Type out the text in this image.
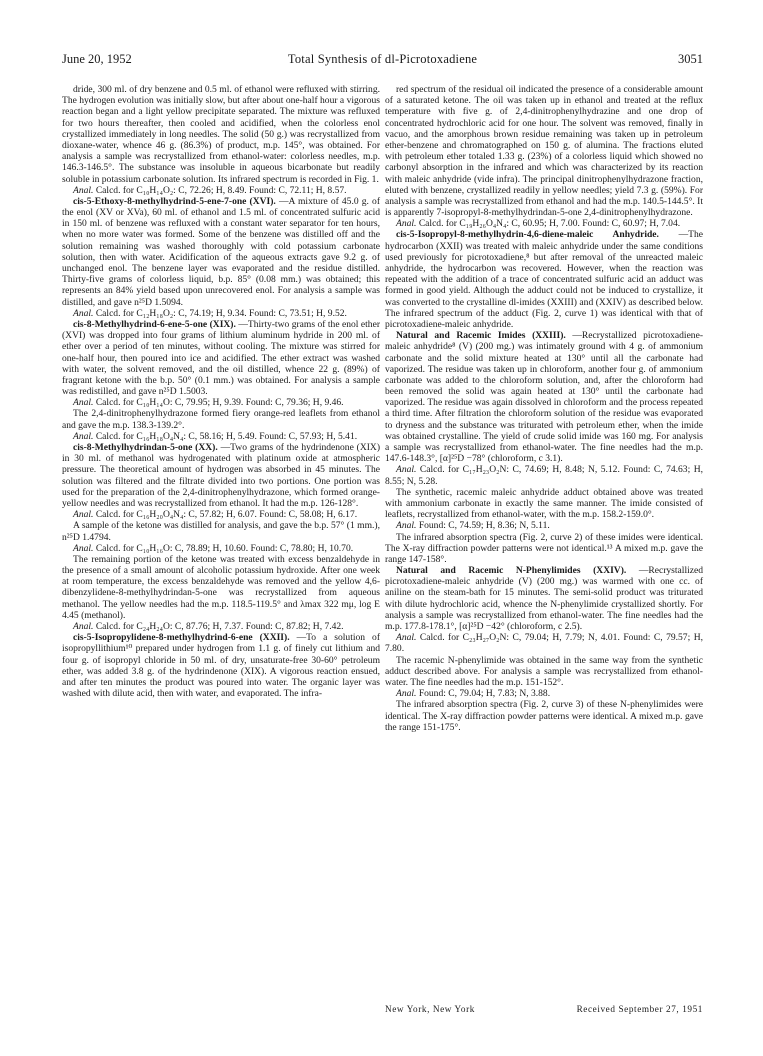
June 20, 1952	Total Synthesis of dl-Picrotoxadiene	3051

dride, 300 ml. of dry benzene and 0.5 ml. of ethanol were refluxed with stirring. The hydrogen evolution was initially slow, but after about one-half hour a vigorous reaction began and a light yellow precipitate separated. The mixture was refluxed for two hours thereafter, then cooled and acidified, when the colorless enol crystallized immediately in long needles. The solid (50 g.) was recrystallized from dioxane-water, whence 46 g. (86.3%) of product, m.p. 145°, was obtained. For analysis a sample was recrystallized from ethanol-water: colorless needles, m.p. 146.3-146.5°. The substance was insoluble in aqueous bicarbonate but readily soluble in potassium carbonate solution. Its infrared spectrum is recorded in Fig. 1.

Anal. Calcd. for C₁₀H₁₄O₂: C, 72.26; H, 8.49. Found: C, 72.11; H, 8.57.

cis-5-Ethoxy-8-methylhydrind-5-ene-7-one (XVI). —A mixture of 45.0 g. of the enol (XV or XVa), 60 ml. of ethanol and 1.5 ml. of concentrated sulfuric acid in 150 ml. of benzene was refluxed with a constant water separator for ten hours, when no more water was formed. Some of the benzene was distilled off and the solution remaining was washed thoroughly with cold potassium carbonate solution, then with water. Acidification of the aqueous extracts gave 9.2 g. of unchanged enol. The benzene layer was evaporated and the residue distilled. Thirty-five grams of colorless liquid, b.p. 85° (0.08 mm.) was obtained; this represents an 84% yield based upon unrecovered enol. For analysis a sample was distilled, and gave n²⁵D 1.5094.

Anal. Calcd. for C₁₂H₁₈O₂: C, 74.19; H, 9.34. Found: C, 73.51; H, 9.52.

cis-8-Methylhydrind-6-ene-5-one (XIX). —Thirty-two grams of the enol ether (XVI) was dropped into four grams of lithium aluminum hydride in 200 ml. of ether over a period of ten minutes, without cooling. The mixture was stirred for one-half hour, then poured into ice and acidified. The ether extract was washed with water, the solvent removed, and the oil distilled, whence 22 g. (89%) of fragrant ketone with the b.p. 50° (0.1 mm.) was obtained. For analysis a sample was redistilled, and gave n²⁵D 1.5003.

Anal. Calcd. for C₁₀H₁₄O: C, 79.95; H, 9.39. Found: C, 79.36; H, 9.46.

The 2,4-dinitrophenylhydrazone formed fiery orange-red leaflets from ethanol and gave the m.p. 138.3-139.2°.

Anal. Calcd. for C₁₆H₁₈O₄N₄: C, 58.16; H, 5.49. Found: C, 57.93; H, 5.41.

cis-8-Methylhydrindan-5-one (XX). —Two grams of the hydrindenone (XIX) in 30 ml. of methanol was hydrogenated with platinum oxide at atmospheric pressure. The theoretical amount of hydrogen was absorbed in 45 minutes. The solution was filtered and the filtrate divided into two portions. One portion was used for the preparation of the 2,4-dinitrophenylhydrazone, which formed orange-yellow needles and was recrystallized from ethanol. It had the m.p. 126-128°.

Anal. Calcd. for C₁₆H₂₀O₄N₄: C, 57.82; H, 6.07. Found: C, 58.08; H, 6.17.

A sample of the ketone was distilled for analysis, and gave the b.p. 57° (1 mm.), n²⁵D 1.4794.

Anal. Calcd. for C₁₀H₁₆O: C, 78.89; H, 10.60. Found: C, 78.80; H, 10.70.

The remaining portion of the ketone was treated with excess benzaldehyde in the presence of a small amount of alcoholic potassium hydroxide. After one week at room temperature, the excess benzaldehyde was removed and the yellow 4,6-dibenzylidene-8-methylhydrindan-5-one was recrystallized from aqueous methanol. The yellow needles had the m.p. 118.5-119.5° and λmax 322 mμ, log E 4.45 (methanol).

Anal. Calcd. for C₂₄H₂₄O: C, 87.76; H, 7.37. Found: C, 87.82; H, 7.42.

cis-5-Isopropylidene-8-methylhydrind-6-ene (XXII). —To a solution of isopropyllithium¹⁰ prepared under hydrogen from 1.1 g. of finely cut lithium and four g. of isopropyl chloride in 50 ml. of dry, unsaturate-free 30-60° petroleum ether, was added 3.8 g. of the hydrindenone (XIX). A vigorous reaction ensued, and after ten minutes the product was poured into water. The organic layer was washed with dilute acid, then with water, and evaporated. The infra-

red spectrum of the residual oil indicated the presence of a considerable amount of a saturated ketone. The oil was taken up in ethanol and treated at the reflux temperature with five g. of 2,4-dinitrophenylhydrazine and one drop of concentrated hydrochloric acid for one hour. The solvent was removed, finally in vacuo, and the amorphous brown residue remaining was taken up in petroleum ether-benzene and chromatographed on 150 g. of alumina. The fractions eluted with petroleum ether totaled 1.33 g. (23%) of a colorless liquid which showed no carbonyl absorption in the infrared and which was characterized by its reaction with maleic anhydride (vide infra). The principal dinitrophenylhydrazone fraction, eluted with benzene, crystallized readily in yellow needles; yield 7.3 g. (59%). For analysis a sample was recrystallized from ethanol and had the m.p. 140.5-144.5°. It is apparently 7-isopropyl-8-methylhydrindan-5-one 2,4-dinitrophenylhydrazone.

Anal. Calcd. for C₁₉H₂₆O₄N₄: C, 60.95; H, 7.00. Found: C, 60.97; H, 7.04.

cis-5-Isopropyl-8-methylhydrin-4,6-diene-maleic Anhydride. —The hydrocarbon (XXII) was treated with maleic anhydride under the same conditions used previously for picrotoxadiene,⁸ but after removal of the unreacted maleic anhydride, the hydrocarbon was recovered. However, when the reaction was repeated with the addition of a trace of concentrated sulfuric acid an adduct was formed in good yield. Although the adduct could not be induced to crystallize, it was converted to the crystalline dl-imides (XXIII) and (XXIV) as described below. The infrared spectrum of the adduct (Fig. 2, curve 1) was identical with that of picrotoxadiene-maleic anhydride.

Natural and Racemic Imides (XXIII). —Recrystallized picrotoxadiene-maleic anhydride⁸ (V) (200 mg.) was intimately ground with 4 g. of ammonium carbonate and the solid mixture heated at 130° until all the carbonate had vaporized. The residue was taken up in chloroform, another four g. of ammonium carbonate was added to the chloroform solution, and, after the chloroform had been removed the solid was again heated at 130° until the carbonate had vaporized. The residue was again dissolved in chloroform and the process repeated a third time. After filtration the chloroform solution of the residue was evaporated to dryness and the substance was triturated with petroleum ether, when the imide was obtained crystalline. The yield of crude solid imide was 160 mg. For analysis a sample was recrystallized from ethanol-water. The fine needles had the m.p. 147.6-148.3°, [α]²⁵D −78° (chloroform, c 3.1).

Anal. Calcd. for C₁₇H₂₃O₂N: C, 74.69; H, 8.48; N, 5.12. Found: C, 74.63; H, 8.55; N, 5.28.

The synthetic, racemic maleic anhydride adduct obtained above was treated with ammonium carbonate in exactly the same manner. The imide consisted of leaflets, recrystallized from ethanol-water, with the m.p. 158.2-159.0°.

Anal. Found: C, 74.59; H, 8.36; N, 5.11.

The infrared absorption spectra (Fig. 2, curve 2) of these imides were identical. The X-ray diffraction powder patterns were not identical.¹³ A mixed m.p. gave the range 147-158°.

Natural and Racemic N-Phenylimides (XXIV). —Recrystallized picrotoxadiene-maleic anhydride (V) (200 mg.) was warmed with one cc. of aniline on the steam-bath for 15 minutes. The semi-solid product was triturated with dilute hydrochloric acid, whence the N-phenylimide crystallized shortly. For analysis a sample was recrystallized from ethanol-water. The fine needles had the m.p. 177.8-178.1°, [α]²⁵D −42° (chloroform, c 2.5).

Anal. Calcd. for C₂₃H₂₇O₂N: C, 79.04; H, 7.79; N, 4.01. Found: C, 79.57; H, 7.80.

The racemic N-phenylimide was obtained in the same way from the synthetic adduct described above. For analysis a sample was recrystallized from ethanol-water. The fine needles had the m.p. 151-152°.

Anal. Found: C, 79.04; H, 7.83; N, 3.88.

The infrared absorption spectra (Fig. 2, curve 3) of these N-phenylimides were identical. The X-ray diffraction powder patterns were identical. A mixed m.p. gave the range 151-175°.

New York, New York	Received September 27, 1951
